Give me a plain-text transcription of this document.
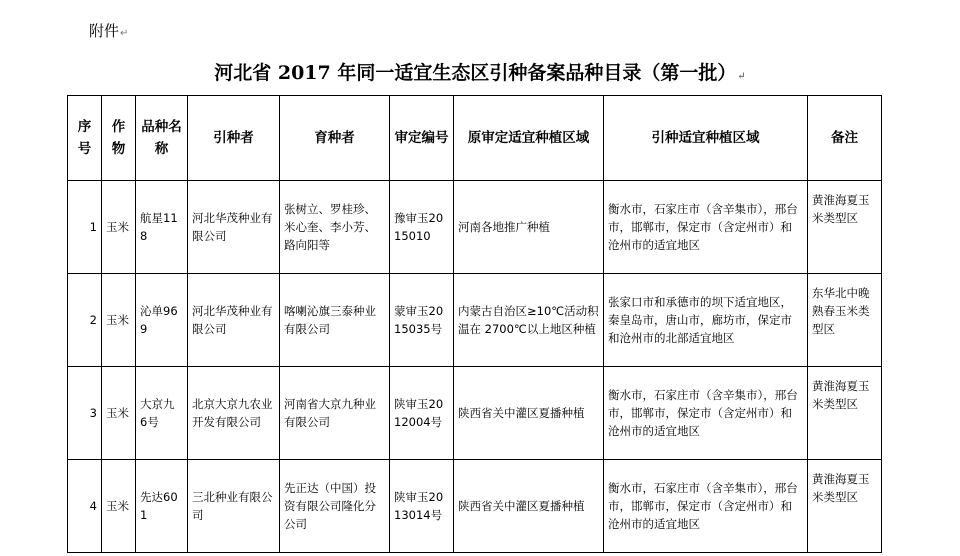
附件↵
河北省 2017 年同一适宜生态区引种备案品种目录（第一批）↵
序号	作物	品种名称	引种者	育种者	审定编号	原审定适宜种植区域	引种适宜种植区域	备注
1	玉米	航星118	河北华茂种业有限公司	张树立、罗桂珍、米心奎、李小芳、路向阳等	豫审玉2015010	河南各地推广种植	衡水市，石家庄市（含辛集市），邢台市，邯郸市，保定市（含定州市）和沧州市的适宜地区	黄淮海夏玉米类型区
2	玉米	沁单969	河北华茂种业有限公司	喀喇沁旗三泰种业有限公司	蒙审玉2015035号	内蒙古自治区≥10℃活动积温在 2700℃以上地区种植	张家口市和承德市的坝下适宜地区，秦皇岛市，唐山市，廊坊市，保定市和沧州市的北部适宜地区	东华北中晚熟春玉米类型区
3	玉米	大京九 6号	北京大京九农业开发有限公司	河南省大京九种业有限公司	陕审玉2012004号	陕西省关中灌区夏播种植	衡水市，石家庄市（含辛集市），邢台市，邯郸市，保定市（含定州市）和沧州市的适宜地区	黄淮海夏玉米类型区
4	玉米	先达601	三北种业有限公司	先正达（中国）投资有限公司隆化分公司	陕审玉2013014号	陕西省关中灌区夏播种植	衡水市，石家庄市（含辛集市），邢台市，邯郸市，保定市（含定州市）和沧州市的适宜地区	黄淮海夏玉米类型区
